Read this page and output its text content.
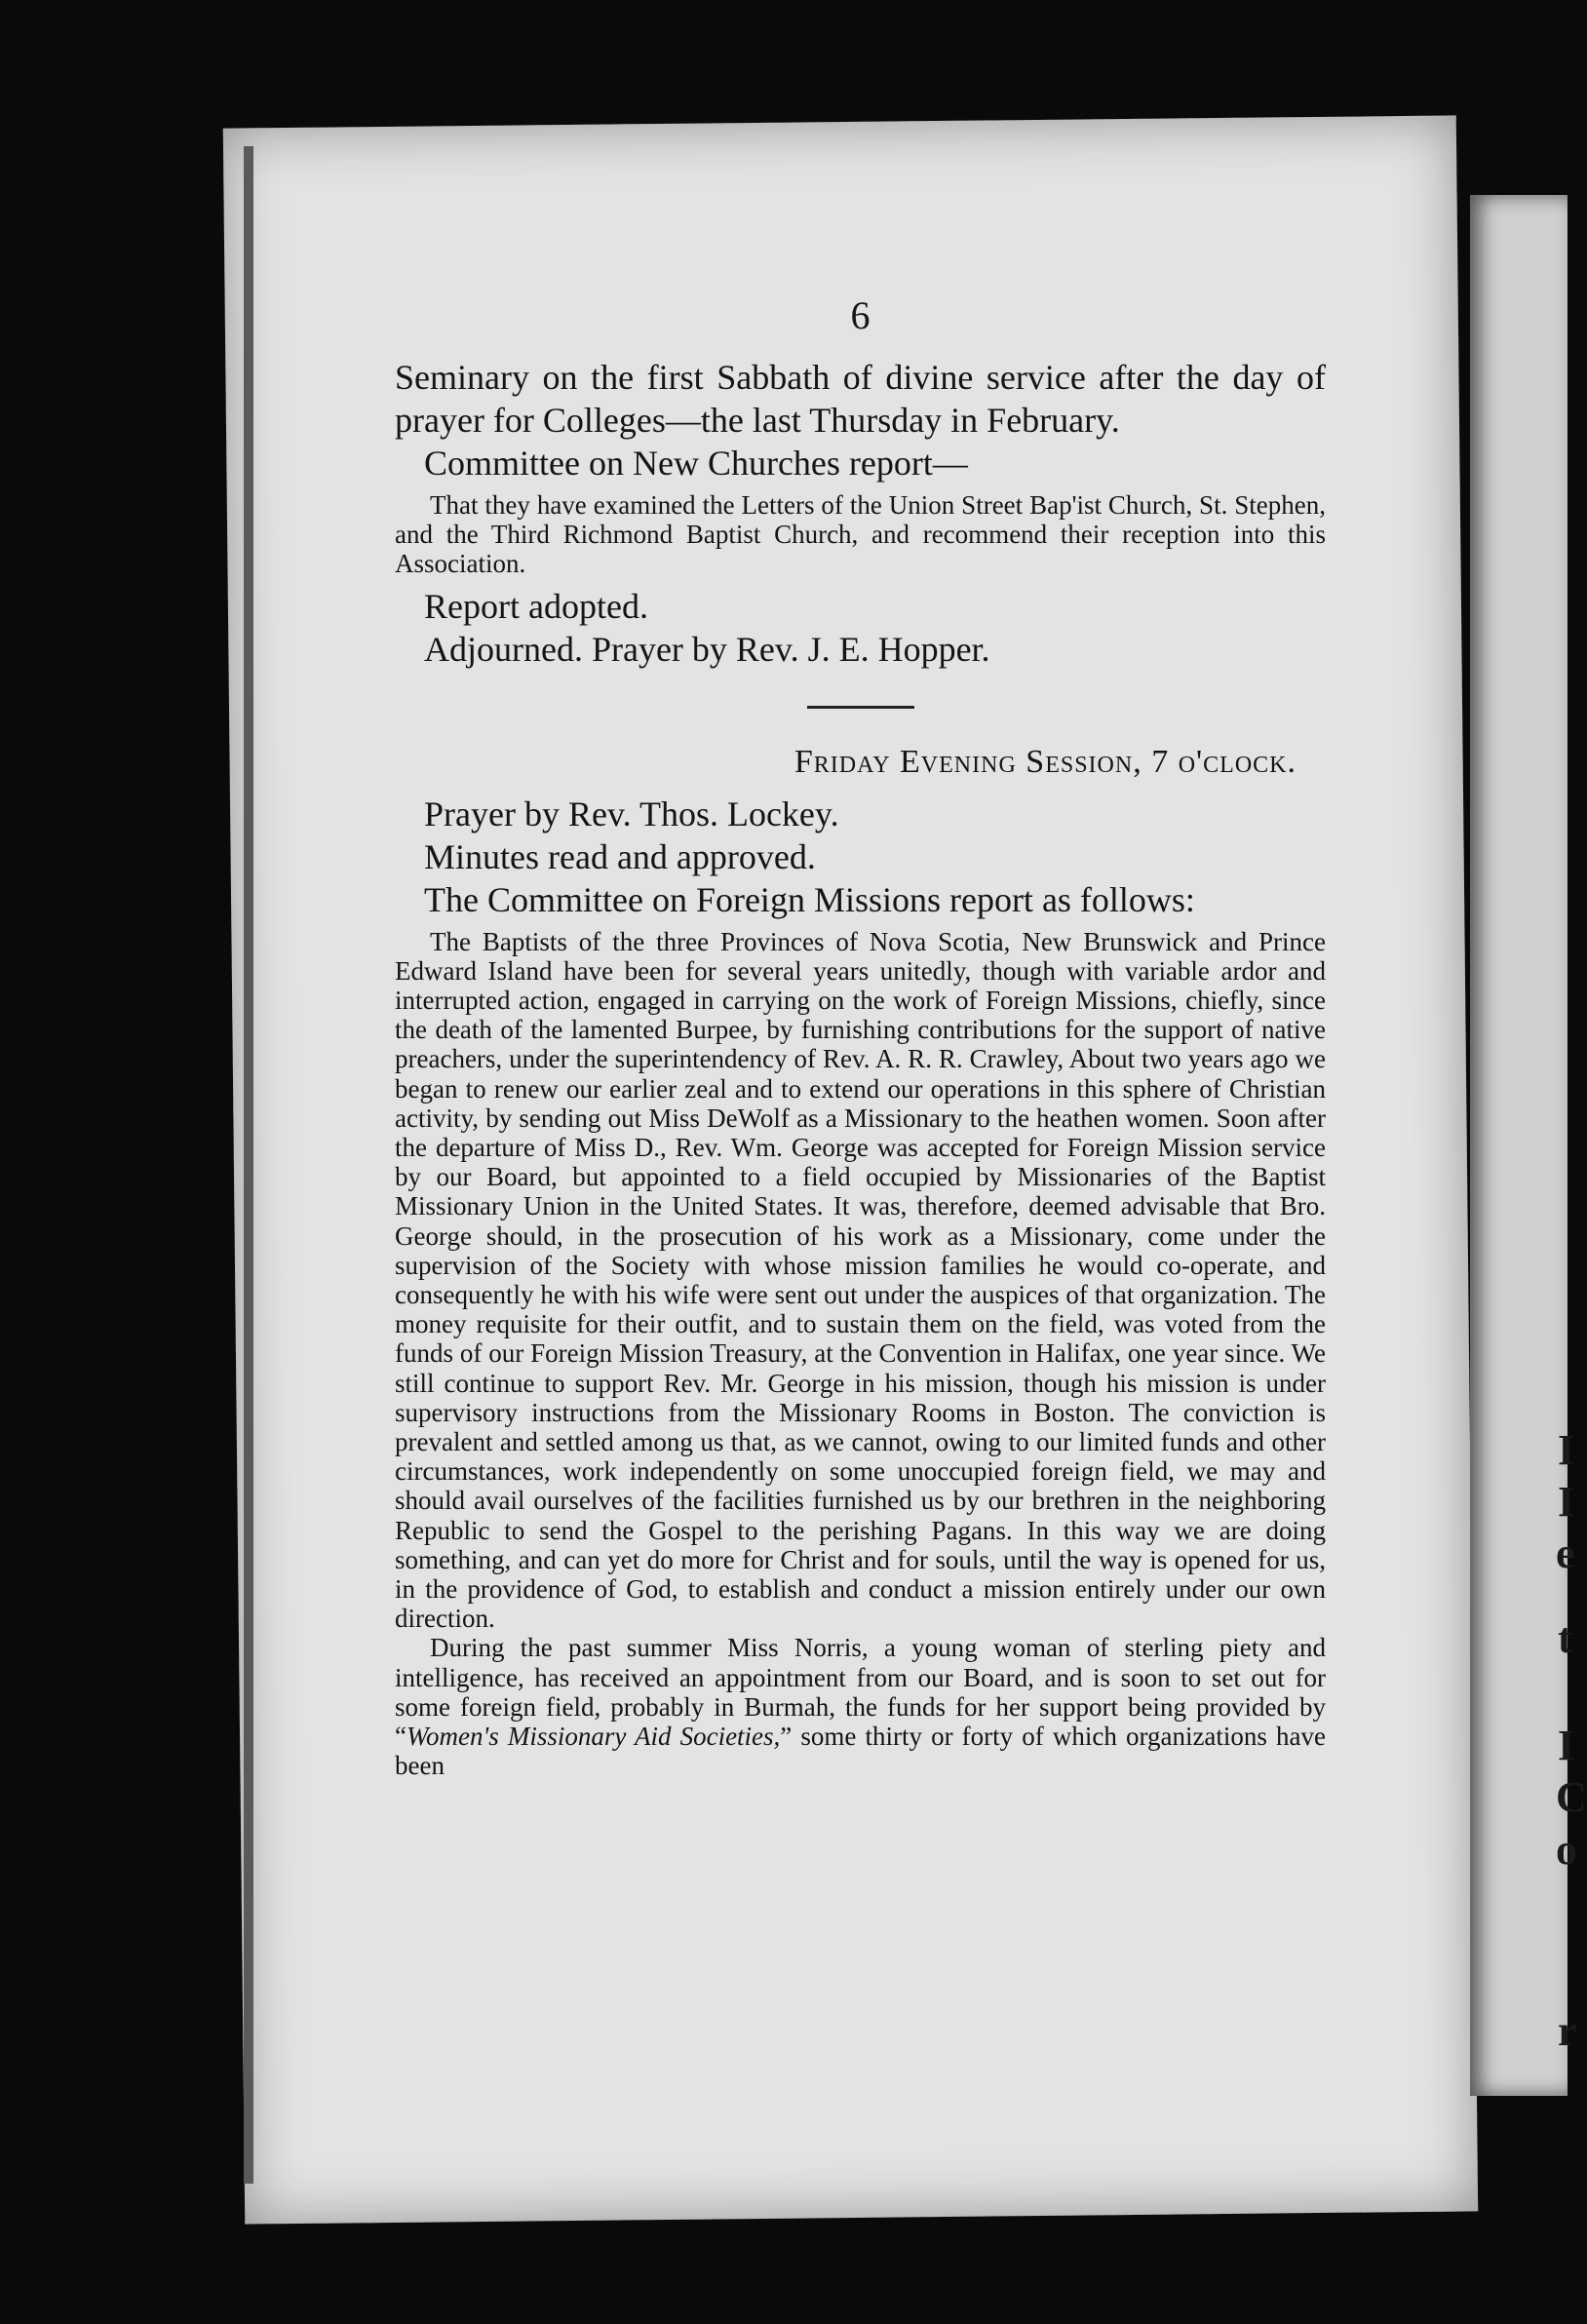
I
I
e
t
I
C
o
r
6

Seminary on the first Sabbath of divine service after the day of prayer for Colleges—the last Thursday in February.

Committee on New Churches report—

That they have examined the Letters of the Union Street Bap'ist Church, St. Stephen, and the Third Richmond Baptist Church, and recommend their reception into this Association.

Report adopted.

Adjourned. Prayer by Rev. J. E. Hopper.

Friday Evening Session, 7 o'clock.

Prayer by Rev. Thos. Lockey.

Minutes read and approved.

The Committee on Foreign Missions report as follows:

The Baptists of the three Provinces of Nova Scotia, New Brunswick and Prince Edward Island have been for several years unitedly, though with variable ardor and interrupted action, engaged in carrying on the work of Foreign Missions, chiefly, since the death of the lamented Burpee, by furnishing contributions for the support of native preachers, under the superintendency of Rev. A. R. R. Crawley, About two years ago we began to renew our earlier zeal and to extend our operations in this sphere of Christian activity, by sending out Miss DeWolf as a Missionary to the heathen women. Soon after the departure of Miss D., Rev. Wm. George was accepted for Foreign Mission service by our Board, but appointed to a field occupied by Missionaries of the Baptist Missionary Union in the United States. It was, therefore, deemed advisable that Bro. George should, in the prosecution of his work as a Missionary, come under the supervision of the Society with whose mission families he would co-operate, and consequently he with his wife were sent out under the auspices of that organization. The money requisite for their outfit, and to sustain them on the field, was voted from the funds of our Foreign Mission Treasury, at the Convention in Halifax, one year since. We still continue to support Rev. Mr. George in his mission, though his mission is under supervisory instructions from the Missionary Rooms in Boston. The conviction is prevalent and settled among us that, as we cannot, owing to our limited funds and other circumstances, work independently on some unoccupied foreign field, we may and should avail ourselves of the facilities furnished us by our brethren in the neighboring Republic to send the Gospel to the perishing Pagans. In this way we are doing something, and can yet do more for Christ and for souls, until the way is opened for us, in the providence of God, to establish and conduct a mission entirely under our own direction.

During the past summer Miss Norris, a young woman of sterling piety and intelligence, has received an appointment from our Board, and is soon to set out for some foreign field, probably in Burmah, the funds for her support being provided by “Women's Missionary Aid Societies,” some thirty or forty of which organizations have been
